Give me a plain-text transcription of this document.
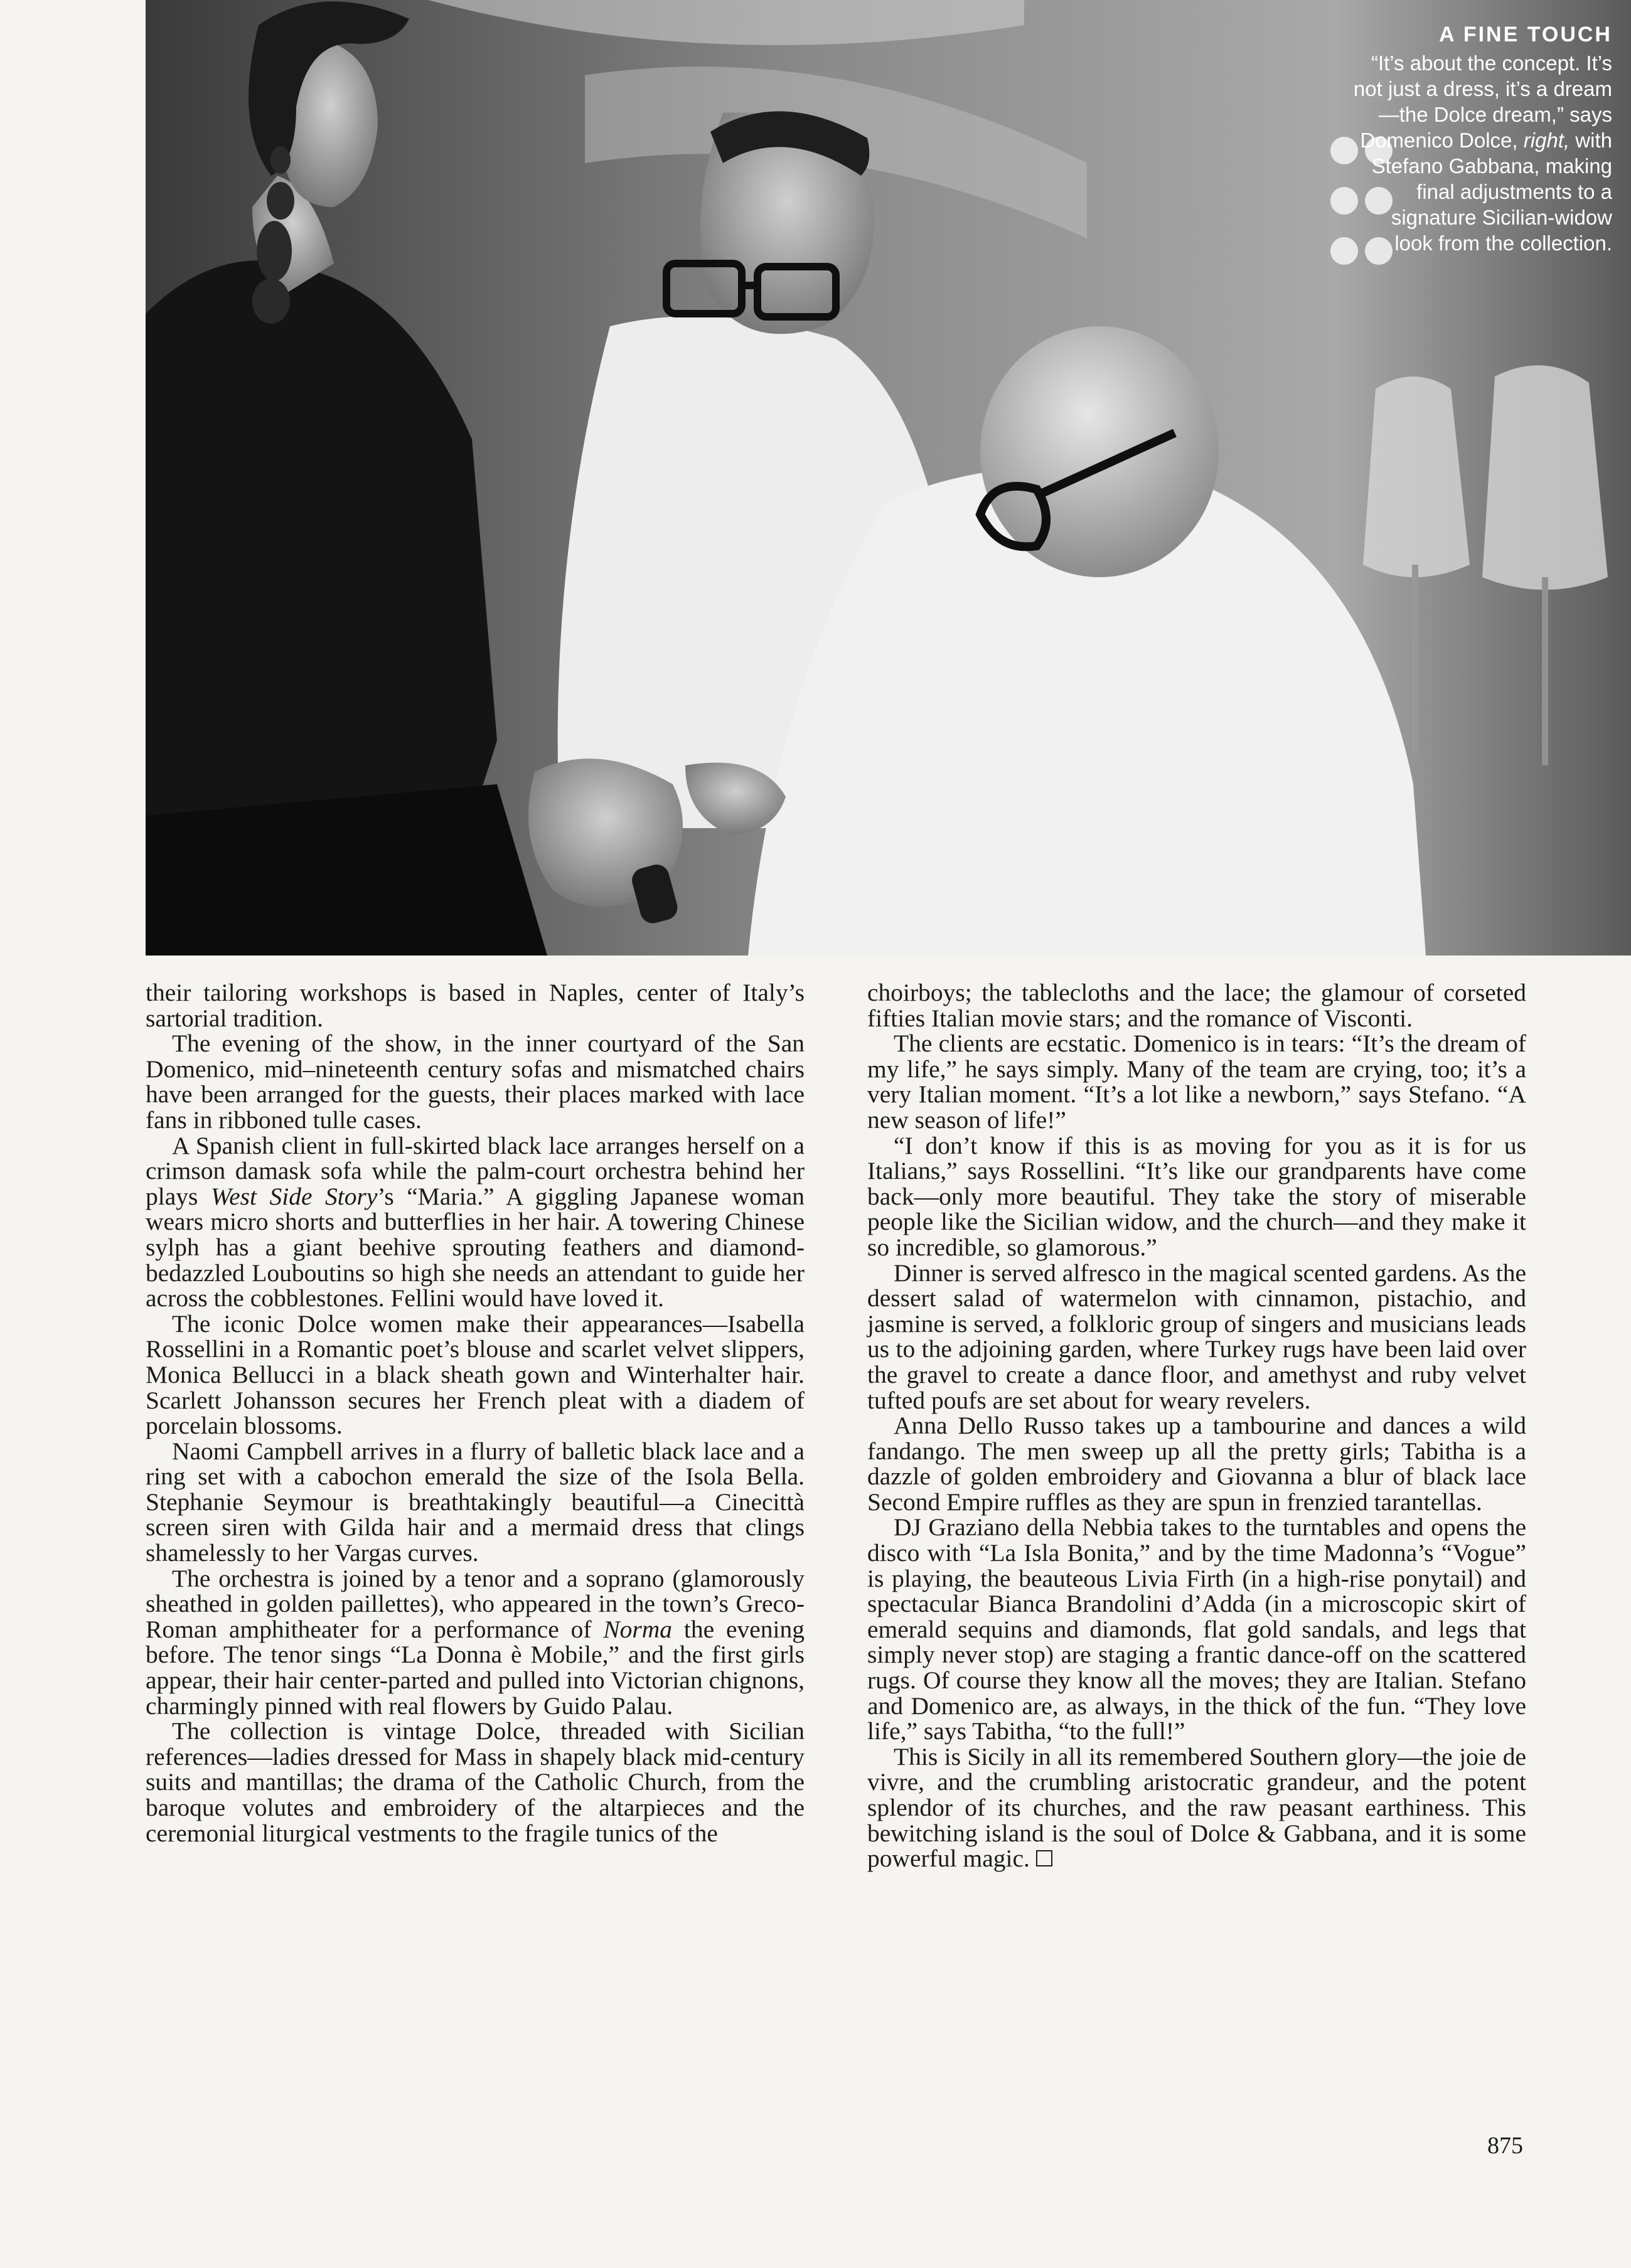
A FINE TOUCH
“It’s about the concept. It’s not just a dress, it’s a dream—the Dolce dream,” says Domenico Dolce, right, with Stefano Gabbana, making final adjustments to a signature Sicilian-widow look from the collection.

their tailoring workshops is based in Naples, center of Italy’s sartorial tradition.

The evening of the show, in the inner courtyard of the San Domenico, mid–nineteenth century sofas and mismatched chairs have been arranged for the guests, their places marked with lace fans in ribboned tulle cases.

A Spanish client in full-skirted black lace arranges herself on a crimson damask sofa while the palm-court orchestra behind her plays West Side Story’s “Maria.” A giggling Japanese woman wears micro shorts and butterflies in her hair. A towering Chinese sylph has a giant beehive sprouting feathers and diamond-bedazzled Louboutins so high she needs an attendant to guide her across the cobblestones. Fellini would have loved it.

The iconic Dolce women make their appearances—Isabella Rossellini in a Romantic poet’s blouse and scarlet velvet slippers, Monica Bellucci in a black sheath gown and Winterhalter hair. Scarlett Johansson secures her French pleat with a diadem of porcelain blossoms.

Naomi Campbell arrives in a flurry of balletic black lace and a ring set with a cabochon emerald the size of the Isola Bella. Stephanie Seymour is breathtakingly beautiful—a Cinecittà screen siren with Gilda hair and a mermaid dress that clings shamelessly to her Vargas curves.

The orchestra is joined by a tenor and a soprano (glamorously sheathed in golden paillettes), who appeared in the town’s Greco-Roman amphitheater for a performance of Norma the evening before. The tenor sings “La Donna è Mobile,” and the first girls appear, their hair center-parted and pulled into Victorian chignons, charmingly pinned with real flowers by Guido Palau.

The collection is vintage Dolce, threaded with Sicilian references—ladies dressed for Mass in shapely black mid-century suits and mantillas; the drama of the Catholic Church, from the baroque volutes and embroidery of the altarpieces and the ceremonial liturgical vestments to the fragile tunics of the

choirboys; the tablecloths and the lace; the glamour of corseted fifties Italian movie stars; and the romance of Visconti.

The clients are ecstatic. Domenico is in tears: “It’s the dream of my life,” he says simply. Many of the team are crying, too; it’s a very Italian moment. “It’s a lot like a newborn,” says Stefano. “A new season of life!”

“I don’t know if this is as moving for you as it is for us Italians,” says Rossellini. “It’s like our grandparents have come back—only more beautiful. They take the story of miserable people like the Sicilian widow, and the church—and they make it so incredible, so glamorous.”

Dinner is served alfresco in the magical scented gardens. As the dessert salad of watermelon with cinnamon, pistachio, and jasmine is served, a folkloric group of singers and musicians leads us to the adjoining garden, where Turkey rugs have been laid over the gravel to create a dance floor, and amethyst and ruby velvet tufted poufs are set about for weary revelers.

Anna Dello Russo takes up a tambourine and dances a wild fandango. The men sweep up all the pretty girls; Tabitha is a dazzle of golden embroidery and Giovanna a blur of black lace Second Empire ruffles as they are spun in frenzied tarantellas.

DJ Graziano della Nebbia takes to the turntables and opens the disco with “La Isla Bonita,” and by the time Madonna’s “Vogue” is playing, the beauteous Livia Firth (in a high-rise ponytail) and spectacular Bianca Brandolini d’Adda (in a microscopic skirt of emerald sequins and diamonds, flat gold sandals, and legs that simply never stop) are staging a frantic dance-off on the scattered rugs. Of course they know all the moves; they are Italian. Stefano and Domenico are, as always, in the thick of the fun. “They love life,” says Tabitha, “to the full!”

This is Sicily in all its remembered Southern glory—the joie de vivre, and the crumbling aristocratic grandeur, and the potent splendor of its churches, and the raw peasant earthiness. This bewitching island is the soul of Dolce & Gabbana, and it is some powerful magic.

875
